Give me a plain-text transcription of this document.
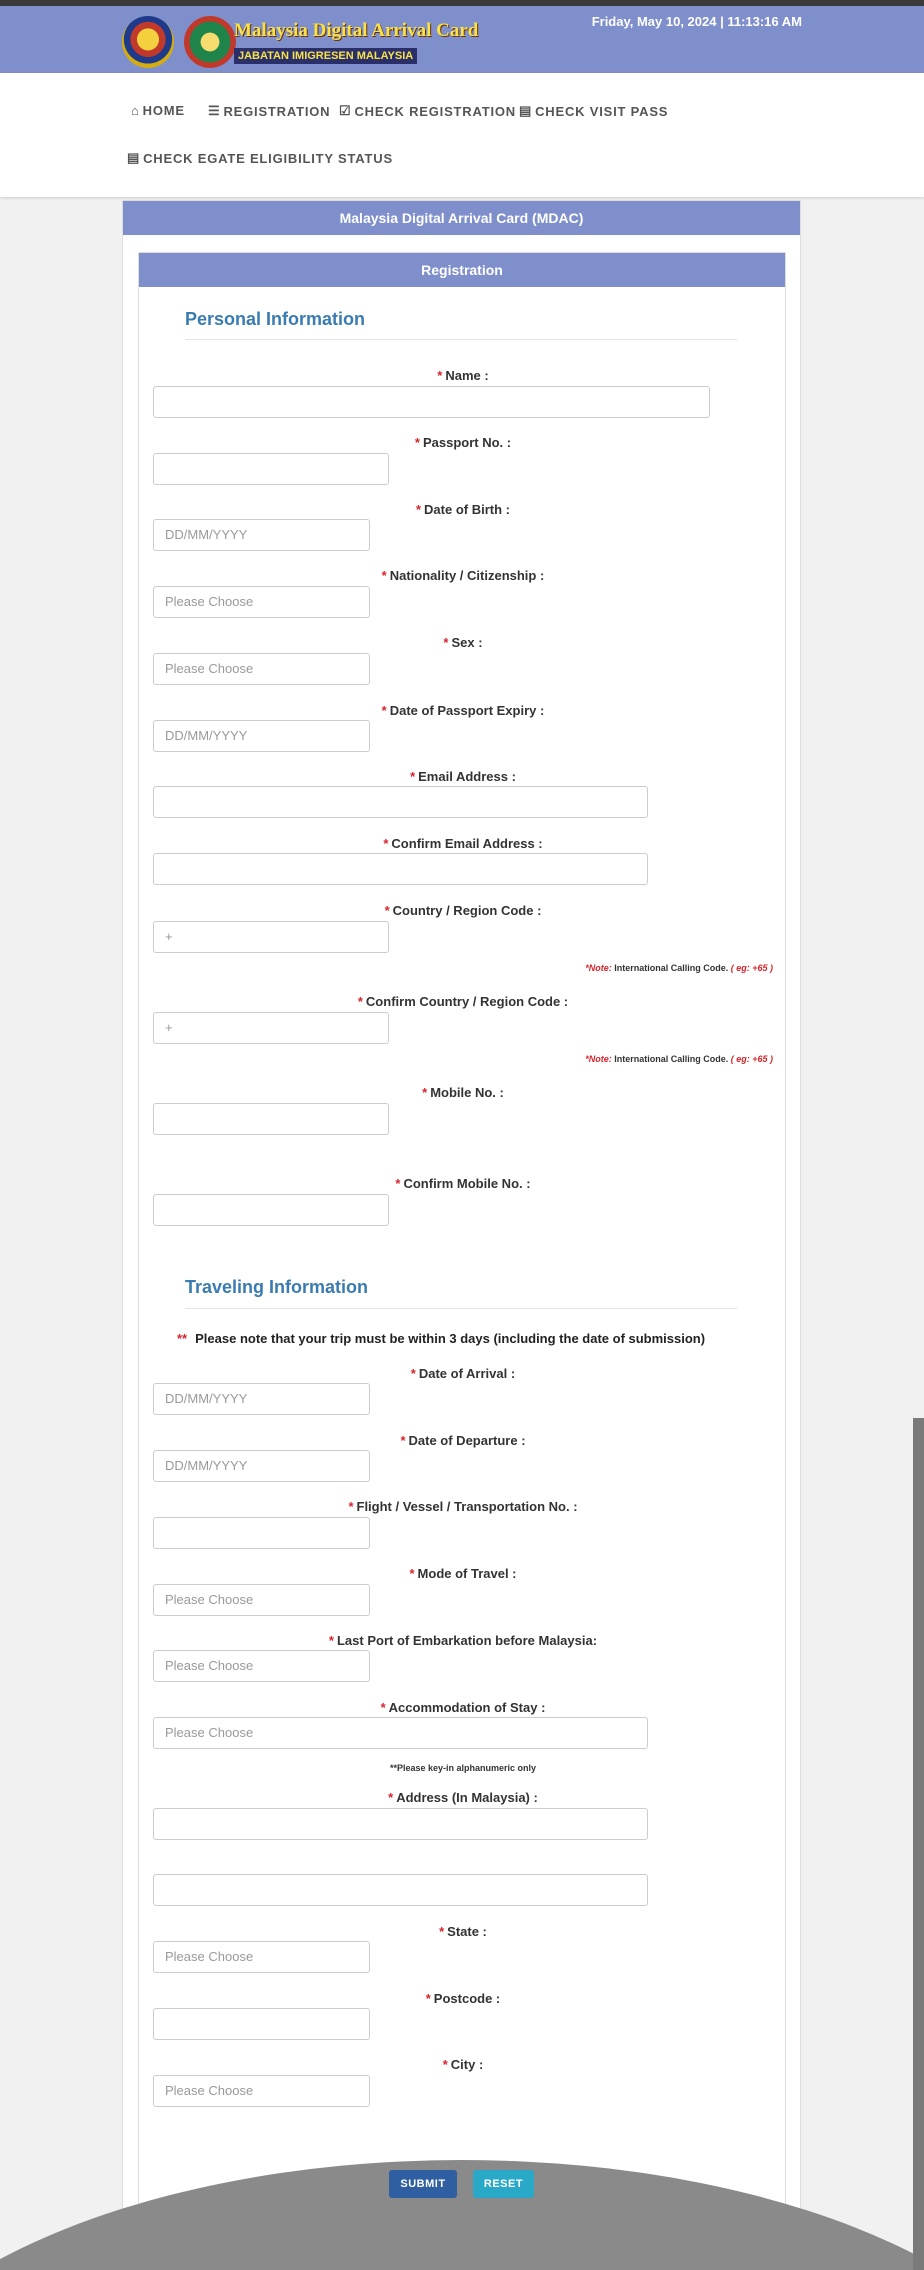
Malaysia Digital Arrival Card
JABATAN IMIGRESEN MALAYSIA
Friday, May 10, 2024 | 11:13:16 AM
⌂ HOME ☰ REGISTRATION ☑ CHECK REGISTRATION ▤ CHECK VISIT PASS
▤ CHECK EGATE ELIGIBILITY STATUS
Malaysia Digital Arrival Card (MDAC)
Registration
Personal Information
* Name :
* Passport No. :
* Date of Birth :
DD/MM/YYYY
* Nationality / Citizenship :
Please Choose
* Sex :
Please Choose
* Date of Passport Expiry :
DD/MM/YYYY
* Email Address :
* Confirm Email Address :
* Country / Region Code :
+
*Note: International Calling Code. ( eg: +65 )
* Confirm Country / Region Code :
+
*Note: International Calling Code. ( eg: +65 )
* Mobile No. :
* Confirm Mobile No. :
Traveling Information
** Please note that your trip must be within 3 days (including the date of submission)
* Date of Arrival :
DD/MM/YYYY
* Date of Departure :
DD/MM/YYYY
* Flight / Vessel / Transportation No. :
* Mode of Travel :
Please Choose
* Last Port of Embarkation before Malaysia:
Please Choose
* Accommodation of Stay :
Please Choose
**Please key-in alphanumeric only
* Address (In Malaysia) :
* State :
Please Choose
* Postcode :
* City :
Please Choose
SUBMIT	RESET
